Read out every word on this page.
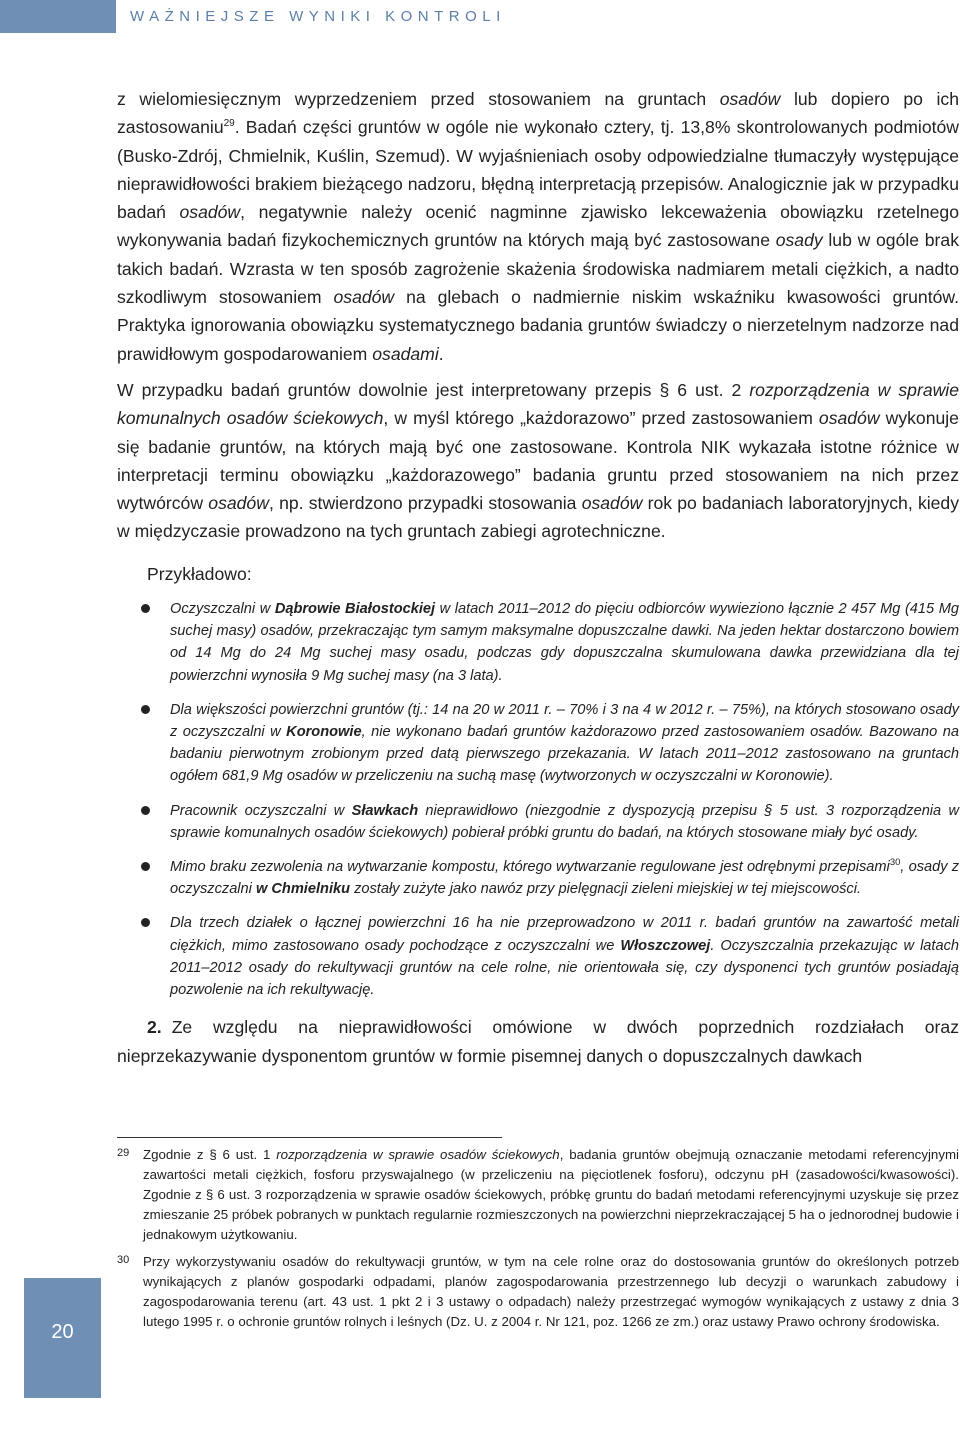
WAŻNIEJSZE WYNIKI KONTROLI

z wielomiesięcznym wyprzedzeniem przed stosowaniem na gruntach osadów lub dopiero po ich zastosowaniu$^{29}$. Badań części gruntów w ogóle nie wykonało cztery, tj. 13,8% skontrolowanych podmiotów (Busko-Zdrój, Chmielnik, Kuślin, Szemud). W wyjaśnieniach osoby odpowiedzialne tłumaczyły występujące nieprawidłowości brakiem bieżącego nadzoru, błędną interpretacją przepisów. Analogicznie jak w przypadku badań osadów, negatywnie należy ocenić nagminne zjawisko lekceważenia obowiązku rzetelnego wykonywania badań fizykochemicznych gruntów na których mają być zastosowane osady lub w ogóle brak takich badań. Wzrasta w ten sposób zagrożenie skażenia środowiska nadmiarem metali ciężkich, a nadto szkodliwym stosowaniem osadów na glebach o nadmiernie niskim wskaźniku kwasowości gruntów. Praktyka ignorowania obowiązku systematycznego badania gruntów świadczy o nierzetelnym nadzorze nad prawidłowym gospodarowaniem osadami.

W przypadku badań gruntów dowolnie jest interpretowany przepis § 6 ust. 2 rozporządzenia w sprawie komunalnych osadów ściekowych, w myśl którego „każdorazowo” przed zastosowaniem osadów wykonuje się badanie gruntów, na których mają być one zastosowane. Kontrola NIK wykazała istotne różnice w interpretacji terminu obowiązku „każdorazowego” badania gruntu przed stosowaniem na nich przez wytwórców osadów, np. stwierdzono przypadki stosowania osadów rok po badaniach laboratoryjnych, kiedy w międzyczasie prowadzono na tych gruntach zabiegi agrotechniczne.

Przykładowo:

Oczyszczalni w Dąbrowie Białostockiej w latach 2011–2012 do pięciu odbiorców wywieziono łącznie 2 457 Mg (415 Mg suchej masy) osadów, przekraczając tym samym maksymalne dopuszczalne dawki. Na jeden hektar dostarczono bowiem od 14 Mg do 24 Mg suchej masy osadu, podczas gdy dopuszczalna skumulowana dawka przewidziana dla tej powierzchni wynosiła 9 Mg suchej masy (na 3 lata).
Dla większości powierzchni gruntów (tj.: 14 na 20 w 2011 r. – 70% i 3 na 4 w 2012 r. – 75%), na których stosowano osady z oczyszczalni w Koronowie, nie wykonano badań gruntów każdorazowo przed zastosowaniem osadów. Bazowano na badaniu pierwotnym zrobionym przed datą pierwszego przekazania. W latach 2011–2012 zastosowano na gruntach ogółem 681,9 Mg osadów w przeliczeniu na suchą masę (wytworzonych w oczyszczalni w Koronowie).
Pracownik oczyszczalni w Sławkach nieprawidłowo (niezgodnie z dyspozycją przepisu § 5 ust. 3 rozporządzenia w sprawie komunalnych osadów ściekowych) pobierał próbki gruntu do badań, na których stosowane miały być osady.
Mimo braku zezwolenia na wytwarzanie kompostu, którego wytwarzanie regulowane jest odrębnymi przepisami$^{30}$, osady z oczyszczalni w Chmielniku zostały zużyte jako nawóz przy pielęgnacji zieleni miejskiej w tej miejscowości.
Dla trzech działek o łącznej powierzchni 16 ha nie przeprowadzono w 2011 r. badań gruntów na zawartość metali ciężkich, mimo zastosowano osady pochodzące z oczyszczalni we Włoszczowej. Oczyszczalnia przekazując w latach 2011–2012 osady do rekultywacji gruntów na cele rolne, nie orientowała się, czy dysponenci tych gruntów posiadają pozwolenie na ich rekultywację.
2. Ze względu na nieprawidłowości omówione w dwóch poprzednich rozdziałach oraz nieprzekazywanie dysponentom gruntów w formie pisemnej danych o dopuszczalnych dawkach
29 Zgodnie z § 6 ust. 1 rozporządzenia w sprawie osadów ściekowych, badania gruntów obejmują oznaczanie metodami referencyjnymi zawartości metali ciężkich, fosforu przyswajalnego (w przeliczeniu na pięciotlenek fosforu), odczynu pH (zasadowości/kwasowości). Zgodnie z § 6 ust. 3 rozporządzenia w sprawie osadów ściekowych, próbkę gruntu do badań metodami referencyjnymi uzyskuje się przez zmieszanie 25 próbek pobranych w punktach regularnie rozmieszczonych na powierzchni nieprzekraczającej 5 ha o jednorodnej budowie i jednakowym użytkowaniu.
30 Przy wykorzystywaniu osadów do rekultywacji gruntów, w tym na cele rolne oraz do dostosowania gruntów do określonych potrzeb wynikających z planów gospodarki odpadami, planów zagospodarowania przestrzennego lub decyzji o warunkach zabudowy i zagospodarowania terenu (art. 43 ust. 1 pkt 2 i 3 ustawy o odpadach) należy przestrzegać wymogów wynikających z ustawy z dnia 3 lutego 1995 r. o ochronie gruntów rolnych i leśnych (Dz. U. z 2004 r. Nr 121, poz. 1266 ze zm.) oraz ustawy Prawo ochrony środowiska.
20
